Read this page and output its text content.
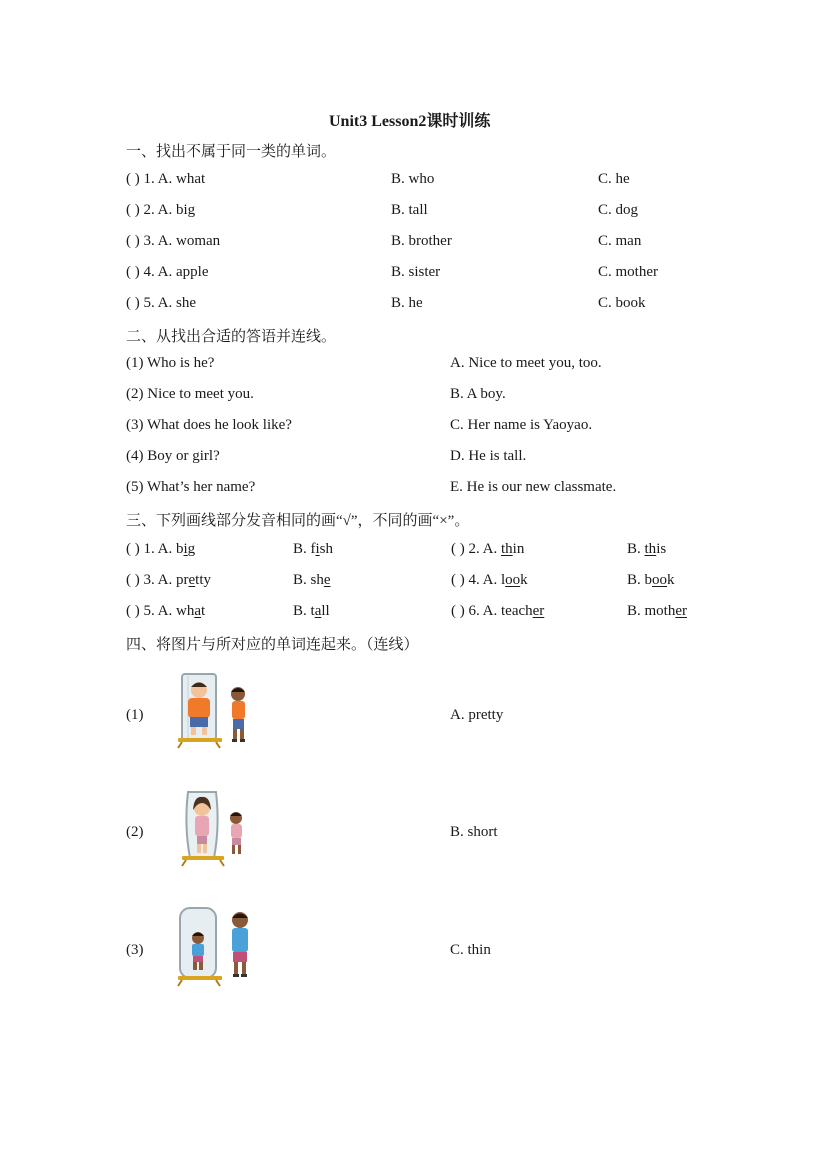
Unit3 Lesson2课时训练
一、找出不属于同一类的单词。
( ) 1. A. what	B. who	C. he
( ) 2. A. big	B. tall	C. dog
( ) 3. A. woman	B. brother	C. man
( ) 4. A. apple	B. sister	C. mother
( ) 5. A. she	B. he	C. book
二、从找出合适的答语并连线。
(1) Who is he?	A. Nice to meet you, too.
(2) Nice to meet you.	B. A boy.
(3) What does he look like?	C. Her name is Yaoyao.
(4) Boy or girl?	D. He is tall.
(5) What’s her name?	E. He is our new classmate.
三、下列画线部分发音相同的画“√”，不同的画“×”。
( ) 1. A. big	B. fish	( ) 2. A. thin	B. this
( ) 3. A. pretty	B. she	( ) 4. A. look	B. book
( ) 5. A. what	B. tall	( ) 6. A. teacher	B. mother
四、将图片与所对应的单词连起来。（连线）
(1)	A. pretty
(2)	B. short
(3)	C. thin
